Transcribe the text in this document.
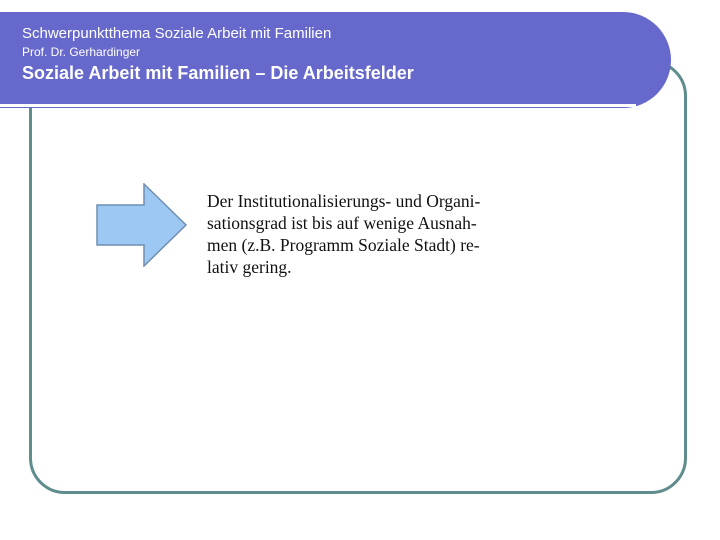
Schwerpunktthema Soziale Arbeit mit Familien
Prof. Dr. Gerhardinger
Soziale Arbeit mit Familien – Die Arbeitsfelder
Der Institutionalisierungs- und Organi-
sationsgrad ist bis auf wenige Ausnah-
men (z.B. Programm Soziale Stadt) re-
lativ gering.
